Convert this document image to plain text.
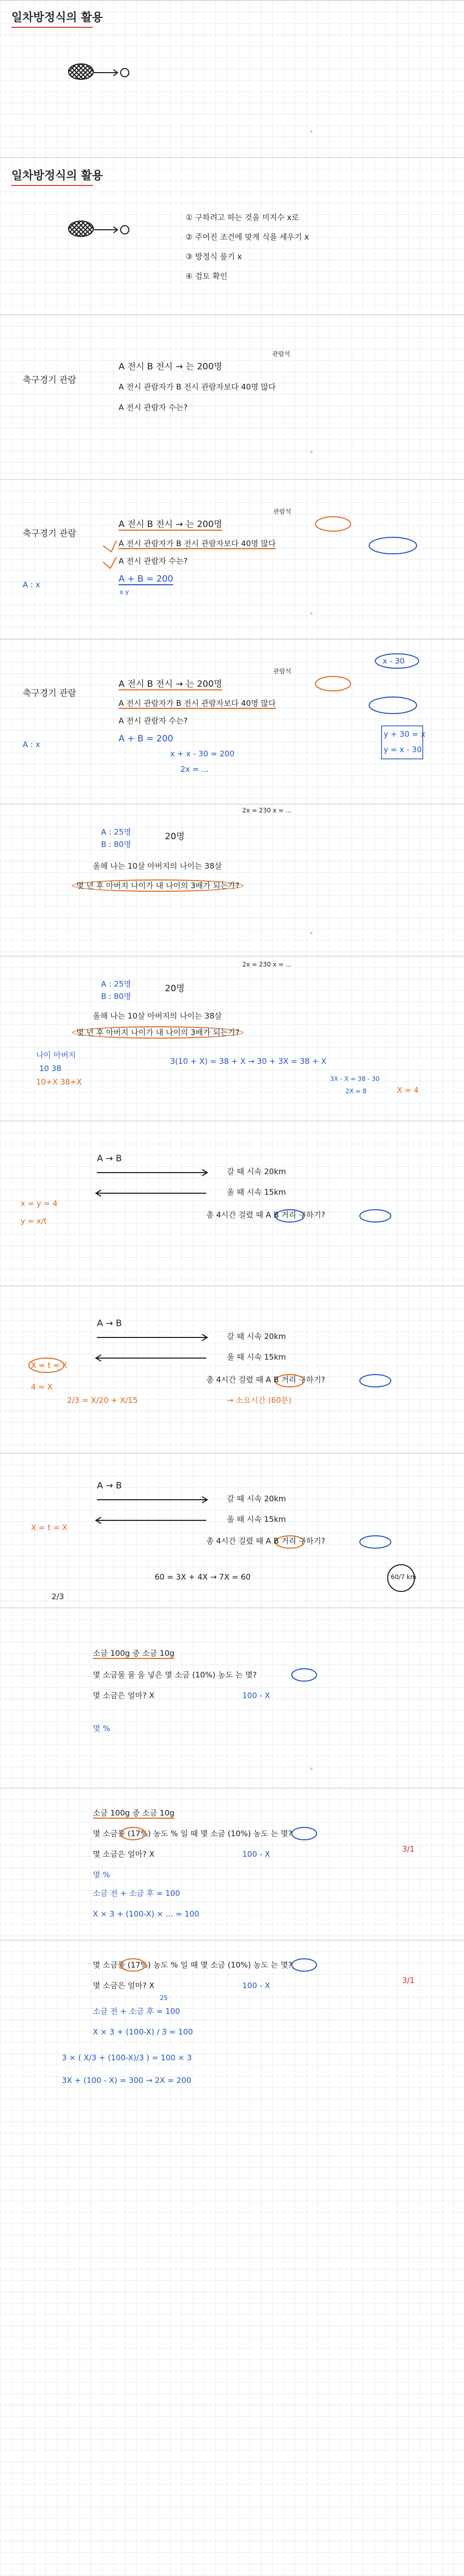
일차방정식의 활용
+
일차방정식의 활용
① 구하려고 하는 것을 미지수 x로
② 주어진 조건에 맞게 식을 세우기 x
③ 방정식 풀기 x
④ 검토 확인
축구경기 관람
관람석
A 전시 B 전시 → 는 200명
A 전시 관람자가 B 전시 관람자보다 40명 많다
A 전시 관람자 수는?
+
관람석
축구경기 관람
A 전시 B 전시 → 는 200명
A 전시 관람자가 B 전시 관람자보다 40명 많다
A 전시 관람자 수는?
A : x
A + B = 200
x y
+
관람석
축구경기 관람
A 전시 B 전시 → 는 200명
A 전시 관람자가 B 전시 관람자보다 40명 많다
A 전시 관람자 수는?
A : x
A + B = 200
x + x - 30 = 200
2x = ...
x - 30
y + 30 = x
y = x - 30
2x = 230 x = ...
A : 25명
B : 80명
20명
올해 나는 10살 아버지의 나이는 38살
몇 년 후 아버지 나이가 내 나이의 3배가 되는가?
+
2x = 230 x = ...
A : 25명
B : 80명
20명
올해 나는 10살 아버지의 나이는 38살
몇 년 후 아버지 나이가 내 나이의 3배가 되는가?
나이 아버지
10 38
10+X 38+X
3(10 + X) = 38 + X → 30 + 3X = 38 + X
3X - X = 38 - 30
2X = 8	X = 4
A → B
갈 때 시속 20km
올 때 시속 15km
총 4시간 걸렸 때 A B 거리 구하기?
x = y = 4
y = x/t
A → B
갈 때 시속 20km
올 때 시속 15km
총 4시간 걸렸 때 A B 거리 구하기?
X = t = X
2/3 = X/20 + X/15
4 = X
→ 소요시간 (60분)
A → B
갈 때 시속 20km
올 때 시속 15km
총 4시간 걸렸 때 A B 거리 구하기?
X = t = X
60 = 3X + 4X → 7X = 60	60/7 km
2/3
소금 100g 중 소금 10g
몇 소금물 물 을 넣은 몇 소금 (10%) 농도 는 몇?
몇 소금은 얼마? X	100 - X
몇 %
+
소금 100g 중 소금 10g
몇 소금물 (17%) 농도 % 일 때 몇 소금 (10%) 농도 는 몇?
몇 소금은 얼마? X	100 - X
몇 %
소금 전 + 소금 후 = 100
X × 3 + (100-X) × ... = 100
3/1
몇 소금물 (17%) 농도 % 일 때 몇 소금 (10%) 농도 는 몇?
몇 소금은 얼마? X	100 - X
25
소금 전 + 소금 후 = 100
X × 3 + (100-X) / 3 = 100
3 × ( X/3 + (100-X)/3 ) = 100 × 3
3X + (100 - X) = 300 → 2X = 200
3/1
